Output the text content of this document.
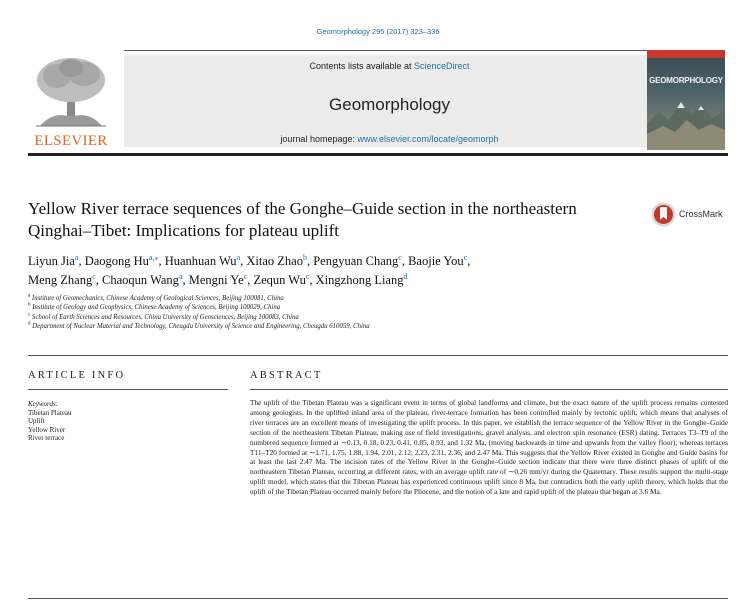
Geomorphology 295 (2017) 323–336
ELSEVIER
Contents lists available at ScienceDirect
Geomorphology
journal homepage: www.elsevier.com/locate/geomorph
GEOMORPHOLOGY
Yellow River terrace sequences of the Gonghe–Guide section in the northeastern Qinghai–Tibet: Implications for plateau uplift
CrossMark
Liyun Jia$^a$, Daogong $Hu^{a,⁎}$, Huanhuan Wu$^a$, Xitao Zhao$^b$, Pengyuan Chang$^c$, Baojie You$^c$,
Meng Zhang$^c$, Chaoqun Wang$^a$, Mengni Ye$^c$, Zequn Wu$^c$, Xingzhong Liang$^d$
$^a$ Institute of Geomechanics, Chinese Academy of Geological Sciences, Beijing 100081, China
$^b$ Institute of Geology and Geophysics, Chinese Academy of Sciences, Beijing 100029, China
$^c$ School of Earth Sciences and Resources, China University of Geosciences, Beijing 100083, China
$^d$ Department of Nuclear Material and Technology, Cheugdu University of Science and Engineering, Cheugdu 610059, China
ARTICLE INFO
Keywords:
Tibetan Plateau
Uplift
Yellow River
River terrace
ABSTRACT
The uplift of the Tibetan Plateau was a significant event in terms of global landforms and climate, but the exact nature of the uplift process remains contested among geologists. In the uplifted inland area of the plateau, river-terrace formation has been controlled mainly by tectonic uplift, which means that analyses of river terraces are an excellent means of investigating the uplift process. In this paper, we establish the terrace sequence of the Yellow River in the Gonghe–Guide section of the northeastern Tibetan Plateau, making use of field investigations, gravel analysis, and electron spin resonance (ESR) dating. Terraces T3–T9 of the numbered sequence formed at ∼0.13, 0.18, 0.23, 0.41, 0.85, 0.93, and 1.32 Ma, (moving backwards in time and upwards from the valley floor), whereas terraces T11–T20 formed at ∼1.71, 1.75, 1.88, 1.94, 2.01, 2.12, 2.23, 2.31, 2.36, and 2.47 Ma. This suggests that the Yellow River existed in Gonghe and Guide basins for at least the last 2.47 Ma. The incision rates of the Yellow River in the Gonghe–Guide section indicate that there were three distinct phases of uplift of the northeastern Tibetan Plateau, occurring at different rates, with an average uplift rate of ∼0.26 mm/yr during the Quaternary. These results support the multi-stage uplift model, which states that the Tibetan Plateau has experienced continuous uplift since 8 Ma, but contradicts both the early uplift theory, which holds that the uplift of the Tibetan Plateau occurred mainly before the Pliocene, and the notion of a late and rapid uplift of the plateau that began at 3.6 Ma.
